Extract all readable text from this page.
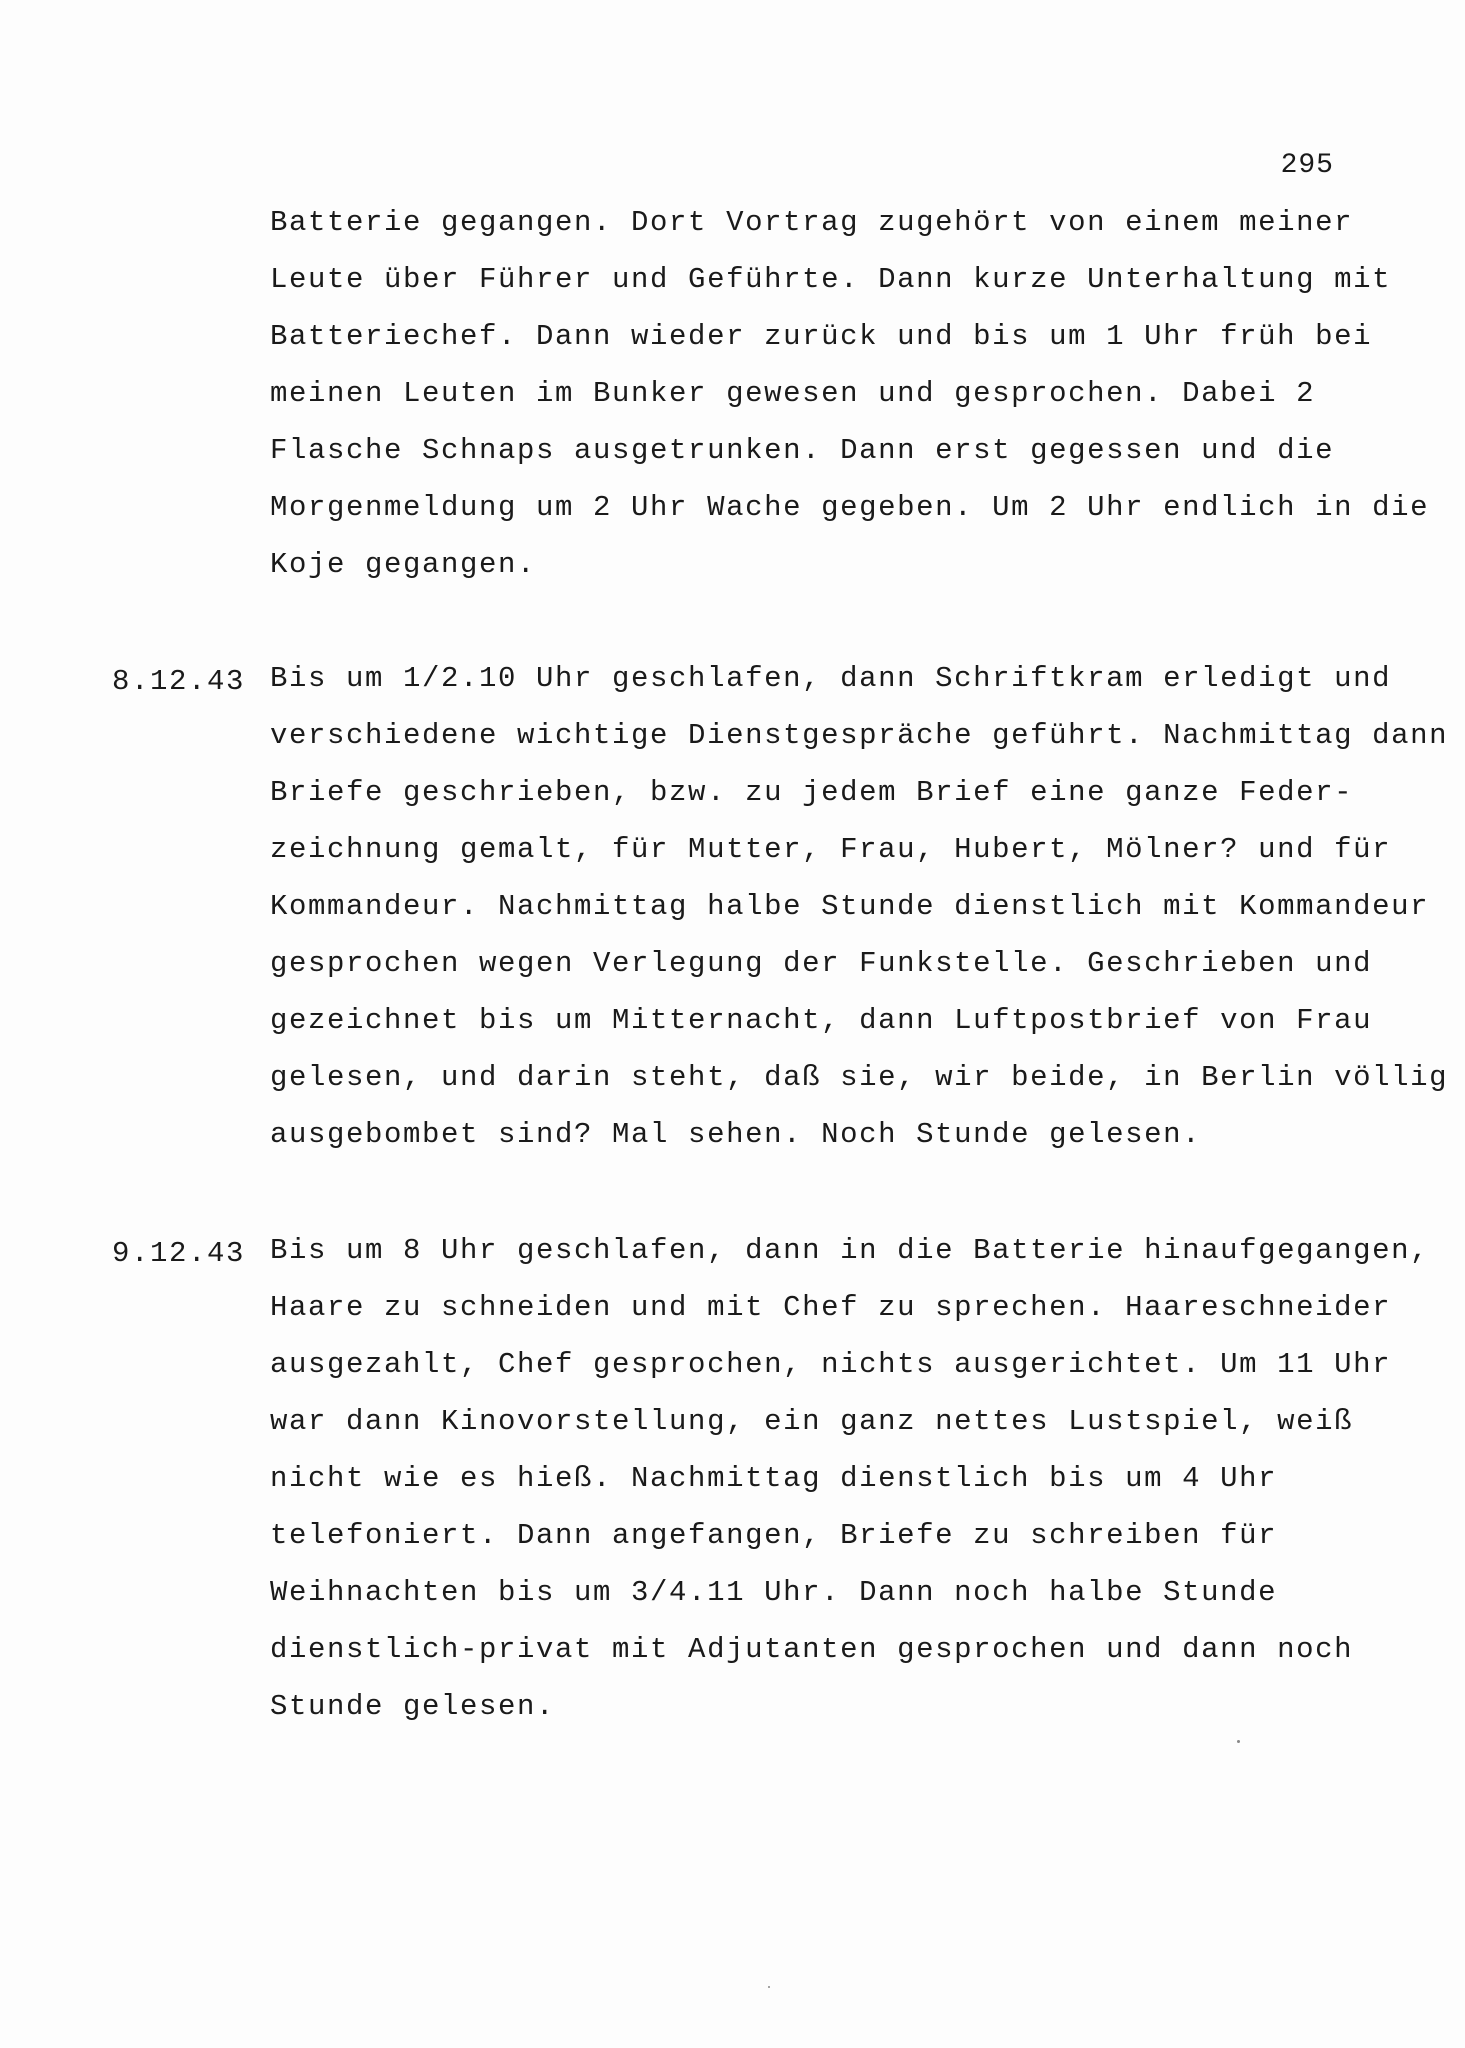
295
Batterie gegangen. Dort Vortrag zugehört von einem meiner
Leute über Führer und Geführte. Dann kurze Unterhaltung mit
Batteriechef. Dann wieder zurück und bis um 1 Uhr früh bei
meinen Leuten im Bunker gewesen und gesprochen. Dabei 2
Flasche Schnaps ausgetrunken. Dann erst gegessen und die
Morgenmeldung um 2 Uhr Wache gegeben. Um 2 Uhr endlich in die
Koje gegangen.
8.12.43 Bis um 1/2.10 Uhr geschlafen, dann Schriftkram erledigt und
verschiedene wichtige Dienstgespräche geführt. Nachmittag dann
Briefe geschrieben, bzw. zu jedem Brief eine ganze Feder-
zeichnung gemalt, für Mutter, Frau, Hubert, Mölner? und für
Kommandeur. Nachmittag halbe Stunde dienstlich mit Kommandeur
gesprochen wegen Verlegung der Funkstelle. Geschrieben und
gezeichnet bis um Mitternacht, dann Luftpostbrief von Frau
gelesen, und darin steht, daß sie, wir beide, in Berlin völlig
ausgebombet sind? Mal sehen. Noch Stunde gelesen.
9.12.43 Bis um 8 Uhr geschlafen, dann in die Batterie hinaufgegangen,
Haare zu schneiden und mit Chef zu sprechen. Haareschneider
ausgezahlt, Chef gesprochen, nichts ausgerichtet. Um 11 Uhr
war dann Kinovorstellung, ein ganz nettes Lustspiel, weiß
nicht wie es hieß. Nachmittag dienstlich bis um 4 Uhr
telefoniert. Dann angefangen, Briefe zu schreiben für
Weihnachten bis um 3/4.11 Uhr. Dann noch halbe Stunde
dienstlich-privat mit Adjutanten gesprochen und dann noch
Stunde gelesen.
